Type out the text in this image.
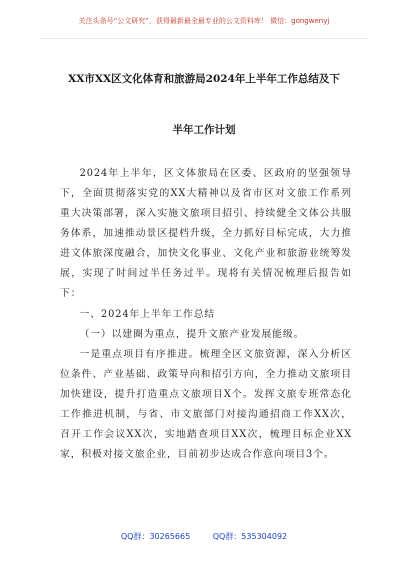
关注头条号“公文研究”，获得最新最全最专业的公文资料库！ 微信：gongwenyj
XX市XX区文化体育和旅游局2024年上半年工作总结及下
半年工作计划

2024年上半年，区文体旅局在区委、区政府的坚强领导下，全面贯彻落实党的XX大精神以及省市区对文旅工作系列重大决策部署，深入实施文旅项目招引、持续健全文体公共服务体系，加速推动景区提档升级，全力抓好目标完成，大力推进文体旅深度融合，加快文化事业、文化产业和旅游业统筹发展，实现了时间过半任务过半。现将有关情况梳理后报告如下：

一、2024年上半年工作总结

（一）以建圈为重点，提升文旅产业发展能级。

一是重点项目有序推进。梳理全区文旅资源，深入分析区位条件、产业基础、政策导向和招引方向，全力推动文旅项目加快建设，提升打造重点文旅项目X个。发挥文旅专班常态化工作推进机制，与省、市文旅部门对接沟通招商工作XX次，召开工作会议XX次，实地踏查项目XX次，梳理目标企业XX家，积极对接文旅企业，目前初步达成合作意向项目3个。

QQ群：30265665	QQ群：535304092
